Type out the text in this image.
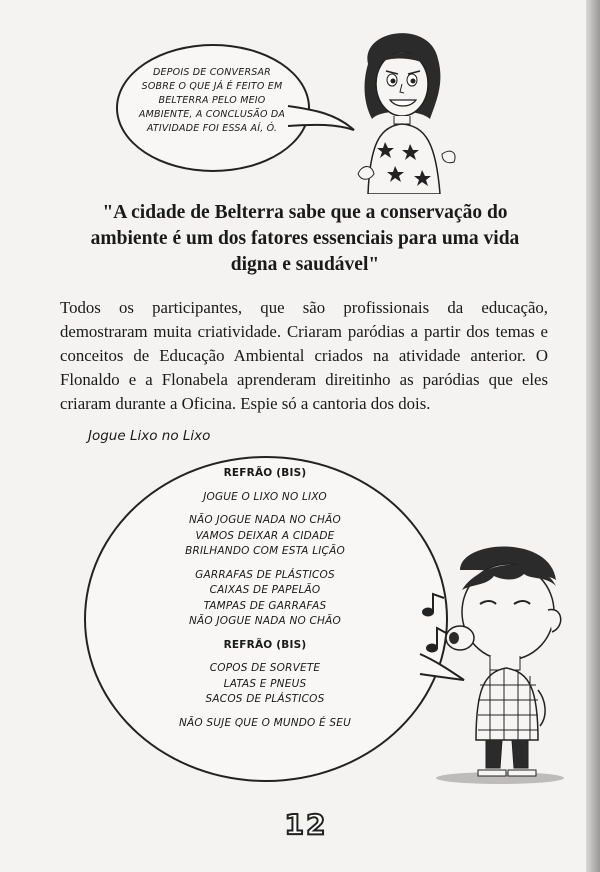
DEPOIS DE CONVERSAR
SOBRE O QUE JÁ É FEITO EM
BELTERRA PELO MEIO
AMBIENTE, A CONCLUSÃO DA
ATIVIDADE FOI ESSA AÍ, Ó.
"A cidade de Belterra sabe que a conservação do
ambiente é um dos fatores essenciais para uma vida
digna e saudável"
Todos os participantes, que são profissionais da educação,
demostraram muita criatividade. Criaram paródias a partir dos temas e
conceitos de Educação Ambiental criados na atividade anterior. O
Flonaldo e a Flonabela aprenderam direitinho as paródias que eles
criaram durante a Oficina. Espie só a cantoria dos dois.
Jogue Lixo no Lixo
REFRÃO (BIS)
JOGUE O LIXO NO LIXO
NÃO JOGUE NADA NO CHÃO
VAMOS DEIXAR A CIDADE
BRILHANDO COM ESTA LIÇÃO
GARRAFAS DE PLÁSTICOS
CAIXAS DE PAPELÃO
TAMPAS DE GARRAFAS
NÃO JOGUE NADA NO CHÃO
REFRÃO (BIS)
COPOS DE SORVETE
LATAS E PNEUS
SACOS DE PLÁSTICOS
NÃO SUJE QUE O MUNDO É SEU
12
